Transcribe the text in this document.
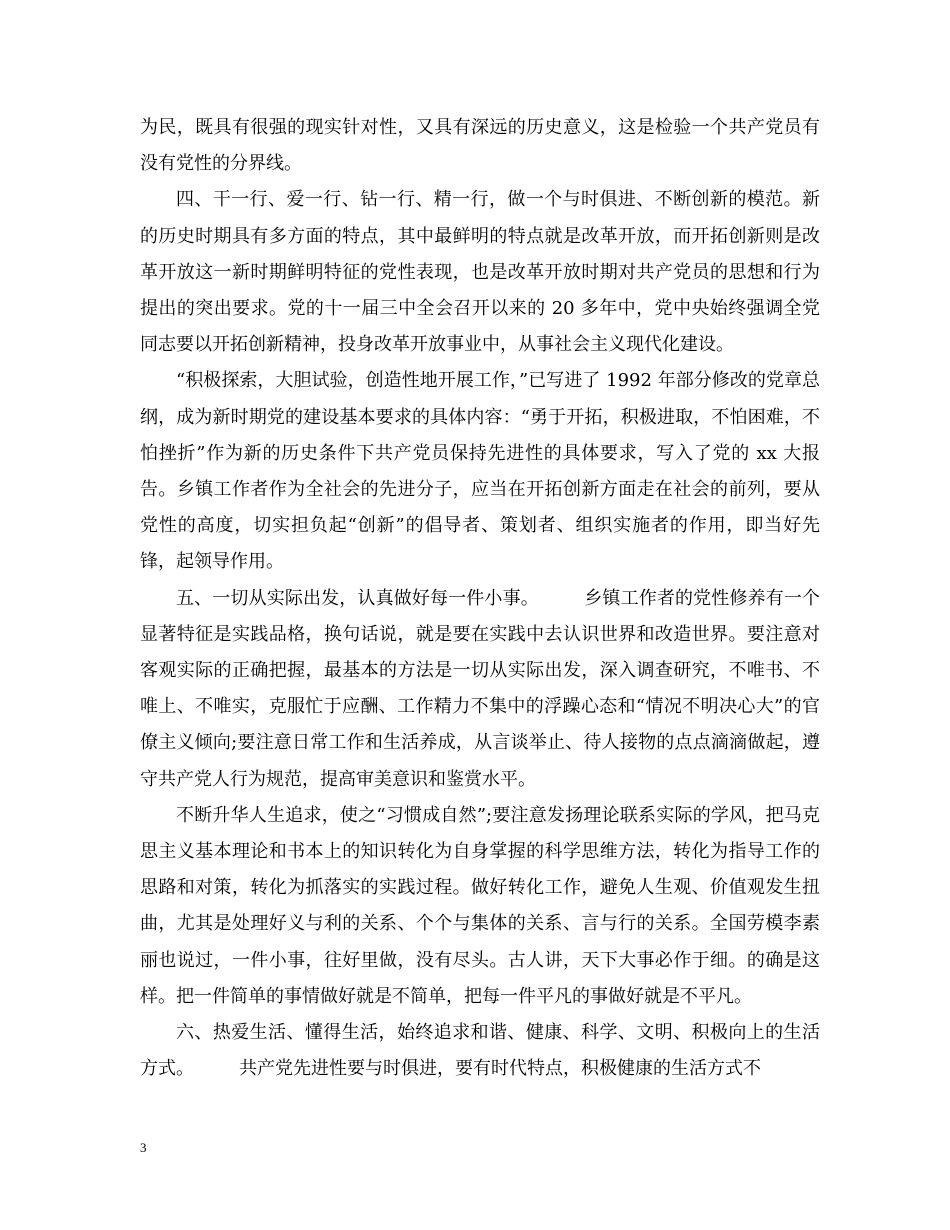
为民，既具有很强的现实针对性，又具有深远的历史意义，这是检验一个共产党员有没有党性的分界线。

四、干一行、爱一行、钻一行、精一行，做一个与时俱进、不断创新的模范。新的历史时期具有多方面的特点，其中最鲜明的特点就是改革开放，而开拓创新则是改革开放这一新时期鲜明特征的党性表现，也是改革开放时期对共产党员的思想和行为提出的突出要求。党的十一届三中全会召开以来的 20 多年中，党中央始终强调全党同志要以开拓创新精神，投身改革开放事业中，从事社会主义现代化建设。

“积极探索，大胆试验，创造性地开展工作，”已写进了 1992 年部分修改的党章总纲，成为新时期党的建设基本要求的具体内容：“勇于开拓，积极进取，不怕困难，不怕挫折”作为新的历史条件下共产党员保持先进性的具体要求，写入了党的 xx 大报告。乡镇工作者作为全社会的先进分子，应当在开拓创新方面走在社会的前列，要从党性的高度，切实担负起“创新”的倡导者、策划者、组织实施者的作用，即当好先锋，起领导作用。

五、一切从实际出发，认真做好每一件小事。　　　乡镇工作者的党性修养有一个显著特征是实践品格，换句话说，就是要在实践中去认识世界和改造世界。要注意对客观实际的正确把握，最基本的方法是一切从实际出发，深入调查研究，不唯书、不唯上、不唯实，克服忙于应酬、工作精力不集中的浮躁心态和“情况不明决心大”的官僚主义倾向;要注意日常工作和生活养成，从言谈举止、待人接物的点点滴滴做起，遵守共产党人行为规范，提高审美意识和鉴赏水平。

不断升华人生追求，使之“习惯成自然”;要注意发扬理论联系实际的学风，把马克思主义基本理论和书本上的知识转化为自身掌握的科学思维方法，转化为指导工作的思路和对策，转化为抓落实的实践过程。做好转化工作，避免人生观、价值观发生扭曲，尤其是处理好义与利的关系、个个与集体的关系、言与行的关系。全国劳模李素丽也说过，一件小事，往好里做，没有尽头。古人讲，天下大事必作于细。的确是这样。把一件简单的事情做好就是不简单，把每一件平凡的事做好就是不平凡。

六、热爱生活、懂得生活，始终追求和谐、健康、科学、文明、积极向上的生活方式。　　　共产党先进性要与时俱进，要有时代特点，积极健康的生活方式不

3
